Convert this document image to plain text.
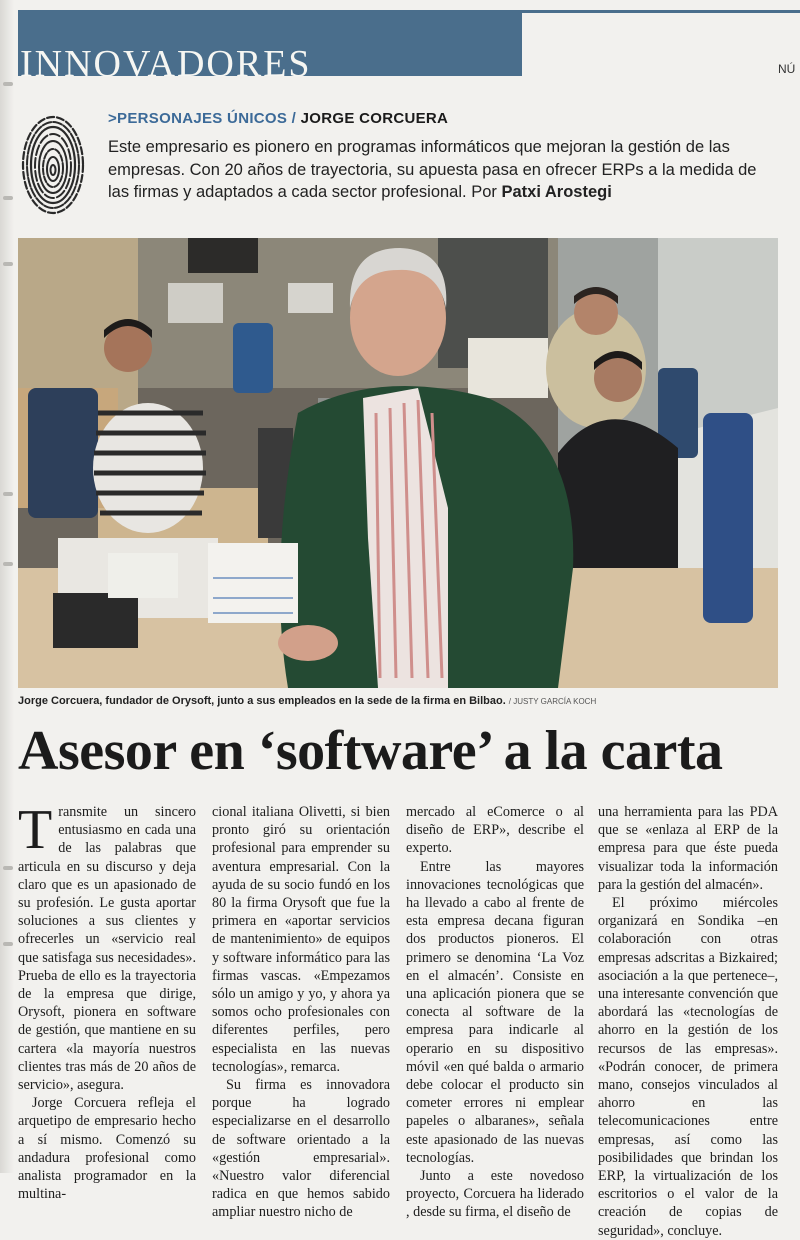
INNOVADORES	NÚ
>PERSONAJES ÚNICOS / JORGE CORCUERA
Este empresario es pionero en programas informáticos que mejoran la gestión de las empresas. Con 20 años de trayectoria, su apuesta pasa en ofrecer ERPs a la medida de las firmas y adaptados a cada sector profesional. Por Patxi Arostegi
Jorge Corcuera, fundador de Orysoft, junto a sus empleados en la sede de la firma en Bilbao. / JUSTY GARCÍA KOCH
Asesor en ‘software’ a la carta

Transmite un sincero entusiasmo en cada una de las palabras que articula en su discurso y deja claro que es un apasionado de su profesión. Le gusta aportar soluciones a sus clientes y ofrecerles un «servicio real que satisfaga sus necesidades». Prueba de ello es la trayectoria de la empresa que dirige, Orysoft, pionera en software de gestión, que mantiene en su cartera «la mayoría nuestros clientes tras más de 20 años de servicio», asegura.

Jorge Corcuera refleja el arquetipo de empresario hecho a sí mismo. Comenzó su andadura profesional como analista programador en la multina-

cional italiana Olivetti, si bien pronto giró su orientación profesional para emprender su aventura empresarial. Con la ayuda de su socio fundó en los 80 la firma Orysoft que fue la primera en «aportar servicios de mantenimiento» de equipos y software informático para las firmas vascas. «Empezamos sólo un amigo y yo, y ahora ya somos ocho profesionales con diferentes perfiles, pero especialista en las nuevas tecnologías», remarca.

Su firma es innovadora porque ha logrado especializarse en el desarrollo de software orientado a la «gestión empresarial». «Nuestro valor diferencial radica en que hemos sabido ampliar nuestro nicho de

mercado al eComerce o al diseño de ERP», describe el experto.

Entre las mayores innovaciones tecnológicas que ha llevado a cabo al frente de esta empresa decana figuran dos productos pioneros. El primero se denomina ‘La Voz en el almacén’. Consiste en una aplicación pionera que se conecta al software de la empresa para indicarle al operario en su dispositivo móvil «en qué balda o armario debe colocar el producto sin cometer errores ni emplear papeles o albaranes», señala este apasionado de las nuevas tecnologías.

Junto a este novedoso proyecto, Corcuera ha liderado , desde su firma, el diseño de

una herramienta para las PDA que se «enlaza al ERP de la empresa para que éste pueda visualizar toda la información para la gestión del almacén».

El próximo miércoles organizará en Sondika –en colaboración con otras empresas adscritas a Bizkaired; asociación a la que pertenece–, una interesante convención que abordará las «tecnologías de ahorro en la gestión de los recursos de las empresas». «Podrán conocer, de primera mano, consejos vinculados al ahorro en las telecomunicaciones entre empresas, así como las posibilidades que brindan los ERP, la virtualización de los escritorios o el valor de la creación de copias de seguridad», concluye.
